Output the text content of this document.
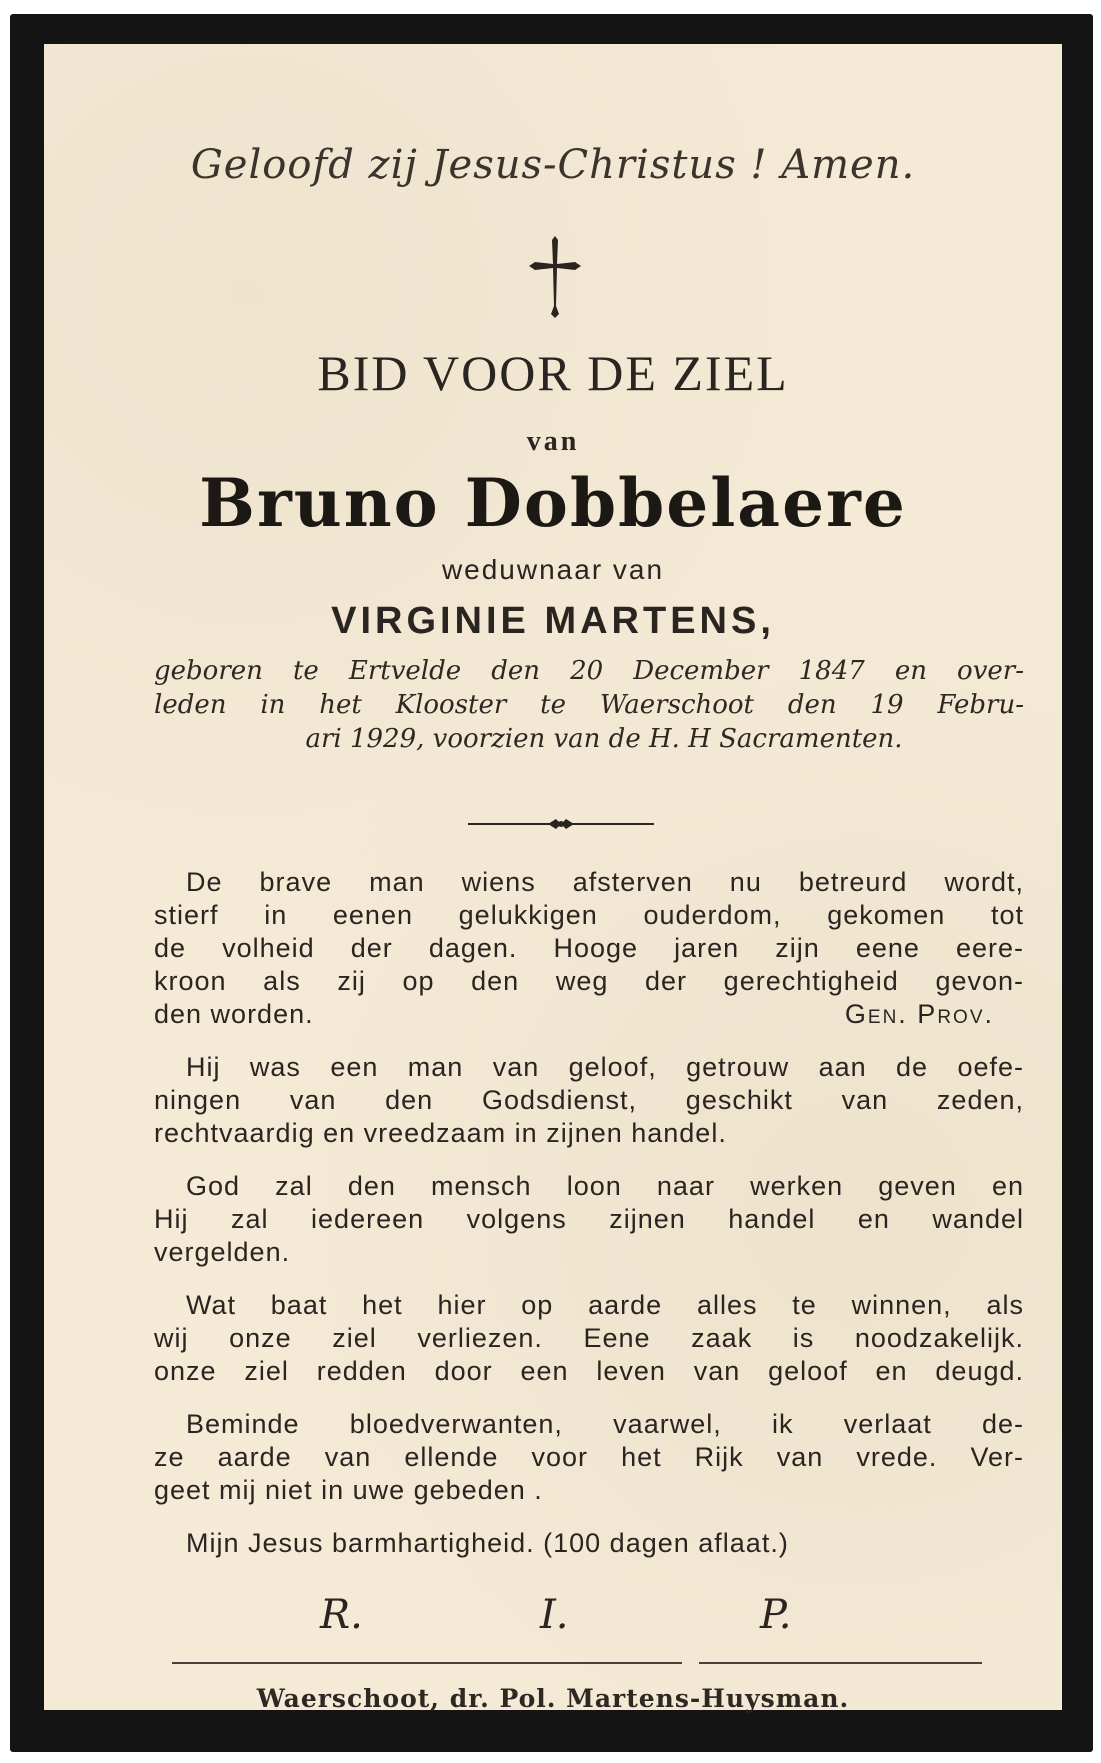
Geloofd zij Jesus-Christus ! Amen.
BID VOOR DE ZIEL
van
Bruno Dobbelaere
weduwnaar van
VIRGINIE MARTENS,
geboren te Ertvelde den 20 December 1847 en over-
leden in het Klooster te Waerschoot den 19 Febru-
ari 1929, voorzien van de H. H Sacramenten.
De brave man wiens afsterven nu betreurd wordt,
stierf in eenen gelukkigen ouderdom, gekomen tot
de volheid der dagen. Hooge jaren zijn eene eere-
kroon als zij op den weg der gerechtigheid gevon-
den worden.	Gen. Prov.
Hij was een man van geloof, getrouw aan de oefe-
ningen van den Godsdienst, geschikt van zeden,
rechtvaardig en vreedzaam in zijnen handel.
God zal den mensch loon naar werken geven en
Hij zal iedereen volgens zijnen handel en wandel
vergelden.
Wat baat het hier op aarde alles te winnen, als
wij onze ziel verliezen. Eene zaak is noodzakelijk.
onze ziel redden door een leven van geloof en deugd.
Beminde bloedverwanten, vaarwel, ik verlaat de-
ze aarde van ellende voor het Rijk van vrede. Ver-
geet mij niet in uwe gebeden .
Mijn Jesus barmhartigheid. (100 dagen aflaat.)
R.	I.	P.
Waerschoot, dr. Pol. Martens-Huysman.
